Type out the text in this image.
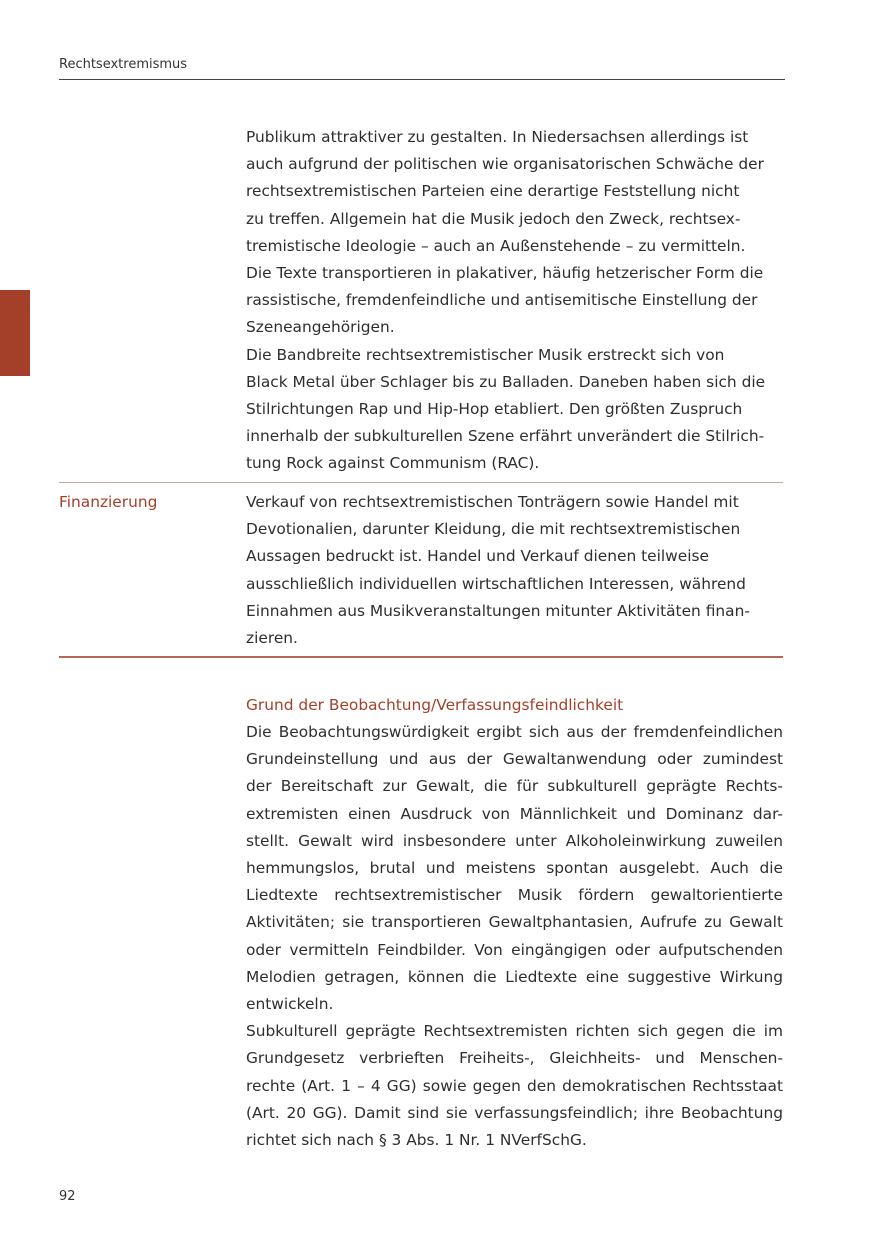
Rechtsextremismus

Publikum attraktiver zu gestalten. In Niedersachsen allerdings ist
auch aufgrund der politischen wie organisatorischen Schwäche der
rechtsextremistischen Parteien eine derartige Feststellung nicht
zu treffen. Allgemein hat die Musik jedoch den Zweck, rechtsex-
tremistische Ideologie – auch an Außenstehende – zu vermitteln.
Die Texte transportieren in plakativer, häufig hetzerischer Form die
rassistische, fremdenfeindliche und antisemitische Einstellung der
Szeneangehörigen.
Die Bandbreite rechtsextremistischer Musik erstreckt sich von
Black Metal über Schlager bis zu Balladen. Daneben haben sich die
Stilrichtungen Rap und Hip-Hop etabliert. Den größten Zuspruch
innerhalb der subkulturellen Szene erfährt unverändert die Stilrich-
tung Rock against Communism (RAC).

Finanzierung	Verkauf von rechtsextremistischen Tonträgern sowie Handel mit
Devotionalien, darunter Kleidung, die mit rechtsextremistischen
Aussagen bedruckt ist. Handel und Verkauf dienen teilweise
ausschließlich individuellen wirtschaftlichen Interessen, während
Einnahmen aus Musikveranstaltungen mitunter Aktivitäten finan-
zieren.

Grund der Beobachtung/Verfassungsfeindlichkeit

Die Beobachtungswürdigkeit ergibt sich aus der fremdenfeindlichen
Grundeinstellung und aus der Gewaltanwendung oder zumindest
der Bereitschaft zur Gewalt, die für subkulturell geprägte Rechts-
extremisten einen Ausdruck von Männlichkeit und Dominanz dar-
stellt. Gewalt wird insbesondere unter Alkoholeinwirkung zuweilen
hemmungslos, brutal und meistens spontan ausgelebt. Auch die
Liedtexte rechtsextremistischer Musik fördern gewaltorientierte
Aktivitäten; sie transportieren Gewaltphantasien, Aufrufe zu Gewalt
oder vermitteln Feindbilder. Von eingängigen oder aufputschenden
Melodien getragen, können die Liedtexte eine suggestive Wirkung
entwickeln.

Subkulturell geprägte Rechtsextremisten richten sich gegen die im
Grundgesetz verbrieften Freiheits-, Gleichheits- und Menschen-
rechte (Art. 1 – 4 GG) sowie gegen den demokratischen Rechtsstaat
(Art. 20 GG). Damit sind sie verfassungsfeindlich; ihre Beobachtung
richtet sich nach § 3 Abs. 1 Nr. 1 NVerfSchG.

92
